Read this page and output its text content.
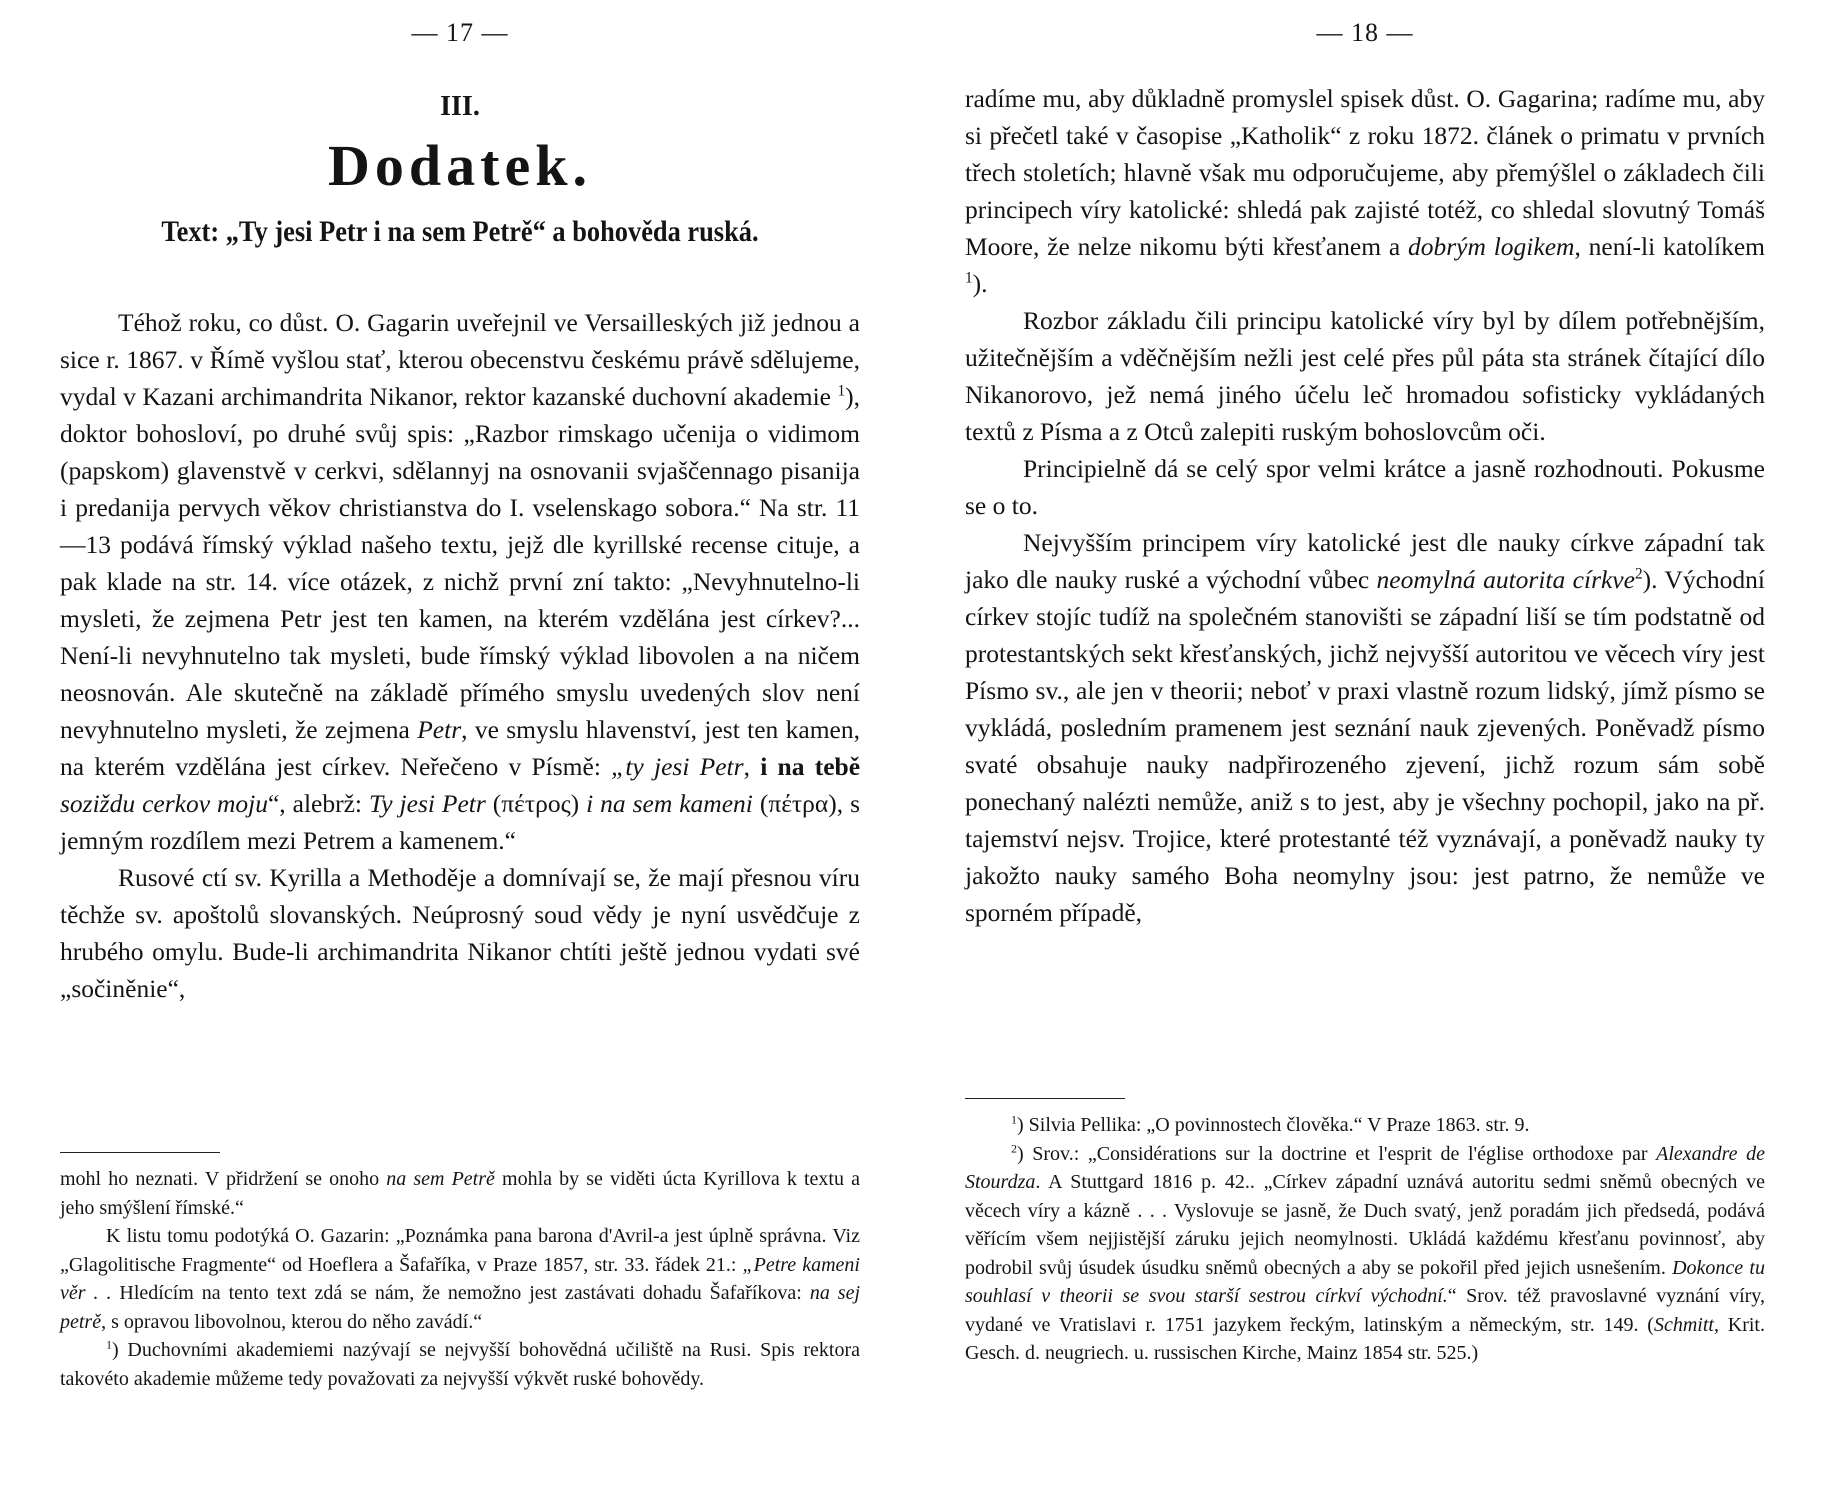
— 17 —
III.
Dodatek.
Text: „Ty jesi Petr i na sem Petrě“ a bohověda ruská.

Téhož roku, co důst. O. Gagarin uveřejnil ve Versailleských již jednou a sice r. 1867. v Římě vyšlou stať, kterou obecenstvu českému právě sdělujeme, vydal v Kazani archimandrita Nikanor, rektor kazanské duchovní akademie $^1$), doktor bohosloví, po druhé svůj spis: „Razbor rimskago učenija o vidimom (papskom) glavenstvě v cerkvi, sdělannyj na osnovanii svjaščennago pisanija i predanija pervych věkov christianstva do I. vselenskago sobora.“ Na str. 11—13 podává římský výklad našeho textu, jejž dle kyrillské recense cituje, a pak klade na str. 14. více otázek, z nichž první zní takto: „Nevyhnutelno-li mysleti, že zejmena Petr jest ten kamen, na kterém vzdělána jest církev?... Není-li nevyhnutelno tak mysleti, bude římský výklad libovolen a na ničem neosnován. Ale skutečně na základě přímého smyslu uvedených slov není nevyhnutelno mysleti, že zejmena Petr, ve smyslu hlavenství, jest ten kamen, na kterém vzdělána jest církev. Neřečeno v Písmě: „ty jesi Petr, i na tebě soziždu cerkov moju“, alebrž: Ty jesi Petr (πέτρος) i na sem kameni (πέτρα), s jemným rozdílem mezi Petrem a kamenem.“

Rusové ctí sv. Kyrilla a Methoděje a domnívají se, že mají přesnou víru těchže sv. apoštolů slovanských. Neúprosný soud vědy je nyní usvědčuje z hrubého omylu. Bude-li archimandrita Nikanor chtíti ještě jednou vydati své „sočiněnie“,

mohl ho neznati. V přidržení se onoho na sem Petrě mohla by se viděti úcta Kyrillova k textu a jeho smýšlení římské.“

K listu tomu podotýká O. Gazarin: „Poznámka pana barona d'Avril-a jest úplně správna. Viz „Glagolitische Fragmente“ od Hoeflera a Šafaříka, v Praze 1857, str. 33. řádek 21.: „Petre kameni věr . . Hledícím na tento text zdá se nám, že nemožno jest zastávati dohadu Šafaříkova: na sej petrě, s opravou libovolnou, kterou do něho zavádí.“

$^1$) Duchovními akademiemi nazývají se nejvyšší bohovědná učiliště na Rusi. Spis rektora takovéto akademie můžeme tedy považovati za nejvyšší výkvět ruské bohovědy.

— 18 —

radíme mu, aby důkladně promyslel spisek důst. O. Gagarina; radíme mu, aby si přečetl také v časopise „Katholik“ z roku 1872. článek o primatu v prvních třech stoletích; hlavně však mu odporučujeme, aby přemýšlel o základech čili principech víry katolické: shledá pak zajisté totéž, co shledal slovutný Tomáš Moore, že nelze nikomu býti křesťanem a dobrým logikem, není-li katolíkem $^1$).

Rozbor základu čili principu katolické víry byl by dílem potřebnějším, užitečnějším a vděčnějším nežli jest celé přes půl páta sta stránek čítající dílo Nikanorovo, jež nemá jiného účelu leč hromadou sofisticky vykládaných textů z Písma a z Otců zalepiti ruským bohoslovcům oči.

Principielně dá se celý spor velmi krátce a jasně rozhodnouti. Pokusme se o to.

Nejvyšším principem víry katolické jest dle nauky církve západní tak jako dle nauky ruské a východní vůbec neomylná autorita církve$^2$). Východní církev stojíc tudíž na společném stanovišti se západní liší se tím podstatně od protestantských sekt křesťanských, jichž nejvyšší autoritou ve věcech víry jest Písmo sv., ale jen v theorii; neboť v praxi vlastně rozum lidský, jímž písmo se vykládá, posledním pramenem jest seznání nauk zjevených. Poněvadž písmo svaté obsahuje nauky nadpřirozeného zjevení, jichž rozum sám sobě ponechaný nalézti nemůže, aniž s to jest, aby je všechny pochopil, jako na př. tajemství nejsv. Trojice, které protestanté též vyznávají, a poněvadž nauky ty jakožto nauky samého Boha neomylny jsou: jest patrno, že nemůže ve sporném případě,

$^1$) Silvia Pellika: „O povinnostech člověka.“ V Praze 1863. str. 9.

$^2$) Srov.: „Considérations sur la doctrine et l'esprit de l'église orthodoxe par Alexandre de Stourdza. A Stuttgard 1816 p. 42.. „Církev západní uznává autoritu sedmi sněmů obecných ve věcech víry a kázně . . . Vyslovuje se jasně, že Duch svatý, jenž poradám jich předsedá, podává věřícím všem nejjistější záruku jejich neomylnosti. Ukládá každému křesťanu povinnosť, aby podrobil svůj úsudek úsudku sněmů obecných a aby se pokořil před jejich usnešením. Dokonce tu souhlasí v theorii se svou starší sestrou církví východní.“ Srov. též pravoslavné vyznání víry, vydané ve Vratislavi r. 1751 jazykem řeckým, latinským a německým, str. 149. (Schmitt, Krit. Gesch. d. neugriech. u. russischen Kirche, Mainz 1854 str. 525.)
